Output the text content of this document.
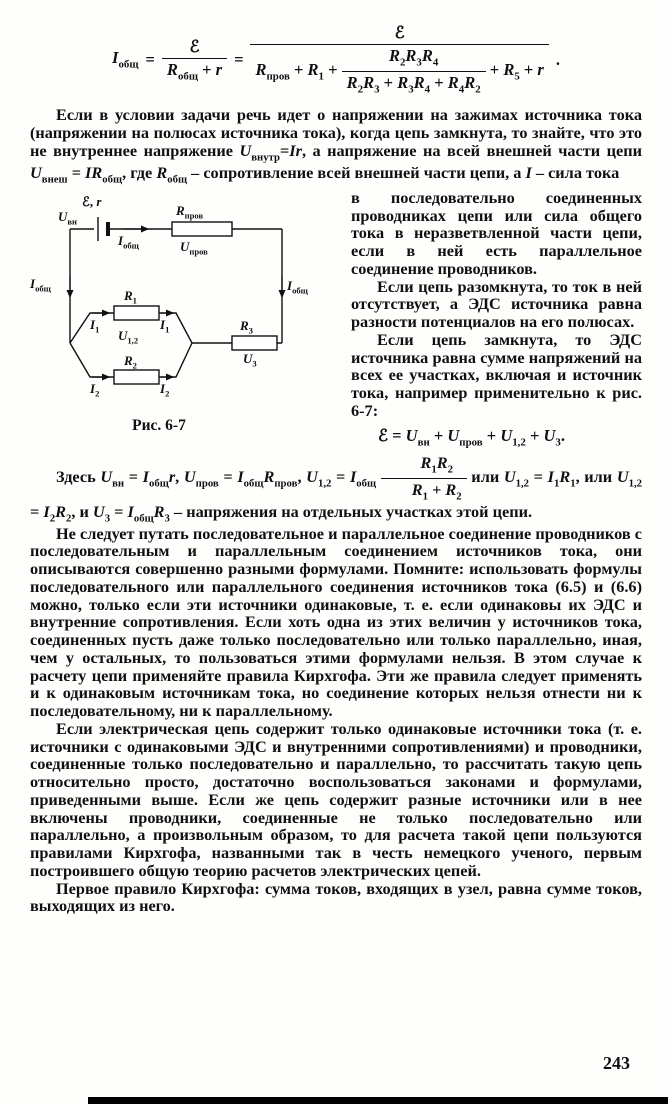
$I_{общ} = \frac{\text{ℰ}}{R_{общ} + r}$ =
ℰ
$R_{пров} + R_1 + \frac{R_2R_3R_4}{R_2R_3 + R_3R_4 + R_4R_2} + R_5 + r$
.

Если в условии задачи речь идет о напряжении на зажимах источника тока (напряжении на полюсах источника тока), когда цепь замкнута, то знайте, что это не внутреннее напряжение $U_{внутр}=Ir$, а напряжение на всей внешней части цепи $U_{внеш} = IR_{общ}$, где $R_{общ}$ – сопротивление всей внешней части цепи, а I – сила тока

ℰ, r
$U_{вн}$
$I_{общ}$
$R_{пров}$
$U_{пров}$
$I_{общ}$	$I_{общ}$
$R_1$
$I_1$	$I_1$
$U_{1,2}$
$R_2$
$I_2$	$I_2$
$R_3$
$U_3$
Рис. 6-7

в последовательно соединенных проводниках цепи или сила общего тока в неразветвленной части цепи, если в ней есть параллельное соединение проводников.

Если цепь разомкнута, то ток в ней отсутствует, а ЭДС источника равна разности потенциалов на его полюсах.

Если цепь замкнута, то ЭДС источника равна сумме напряжений на всех ее участках, включая и источник тока, например применительно к рис. 6-7:

ℰ = $U_{вн} + U_{пров} + U_{1,2} + U_3$.

Здесь $U_{вн} = I_{общ}r$, $U_{пров} = I_{общ}R_{пров}$, $U_{1,2} = I_{общ} \frac{R_1R_2}{R_1 + R_2}$ или $U_{1,2} = I_1R_1$, или $U_{1,2} = I_2R_2$, и $U_3 = I_{общ}R_3$ – напряжения на отдельных участках этой цепи.

Не следует путать последовательное и параллельное соединение проводников с последовательным и параллельным соединением источников тока, они описываются совершенно разными формулами. Помните: использовать формулы последовательного или параллельного соединения источников тока (6.5) и (6.6) можно, только если эти источники одинаковые, т. е. если одинаковы их ЭДС и внутренние сопротивления. Если хоть одна из этих величин у источников тока, соединенных пусть даже только последовательно или только параллельно, иная, чем у остальных, то пользоваться этими формулами нельзя. В этом случае к расчету цепи применяйте правила Кирхгофа. Эти же правила следует применять и к одинаковым источникам тока, но соединение которых нельзя отнести ни к последовательному, ни к параллельному.

Если электрическая цепь содержит только одинаковые источники тока (т. е. источники с одинаковыми ЭДС и внутренними сопротивлениями) и проводники, соединенные только последовательно и параллельно, то рассчитать такую цепь относительно просто, достаточно воспользоваться законами и формулами, приведенными выше. Если же цепь содержит разные источники или в нее включены проводники, соединенные не только последовательно или параллельно, а произвольным образом, то для расчета такой цепи пользуются правилами Кирхгофа, названными так в честь немецкого ученого, первым построившего общую теорию расчетов электрических цепей.

Первое правило Кирхгофа: сумма токов, входящих в узел, равна сумме токов, выходящих из него.

243
